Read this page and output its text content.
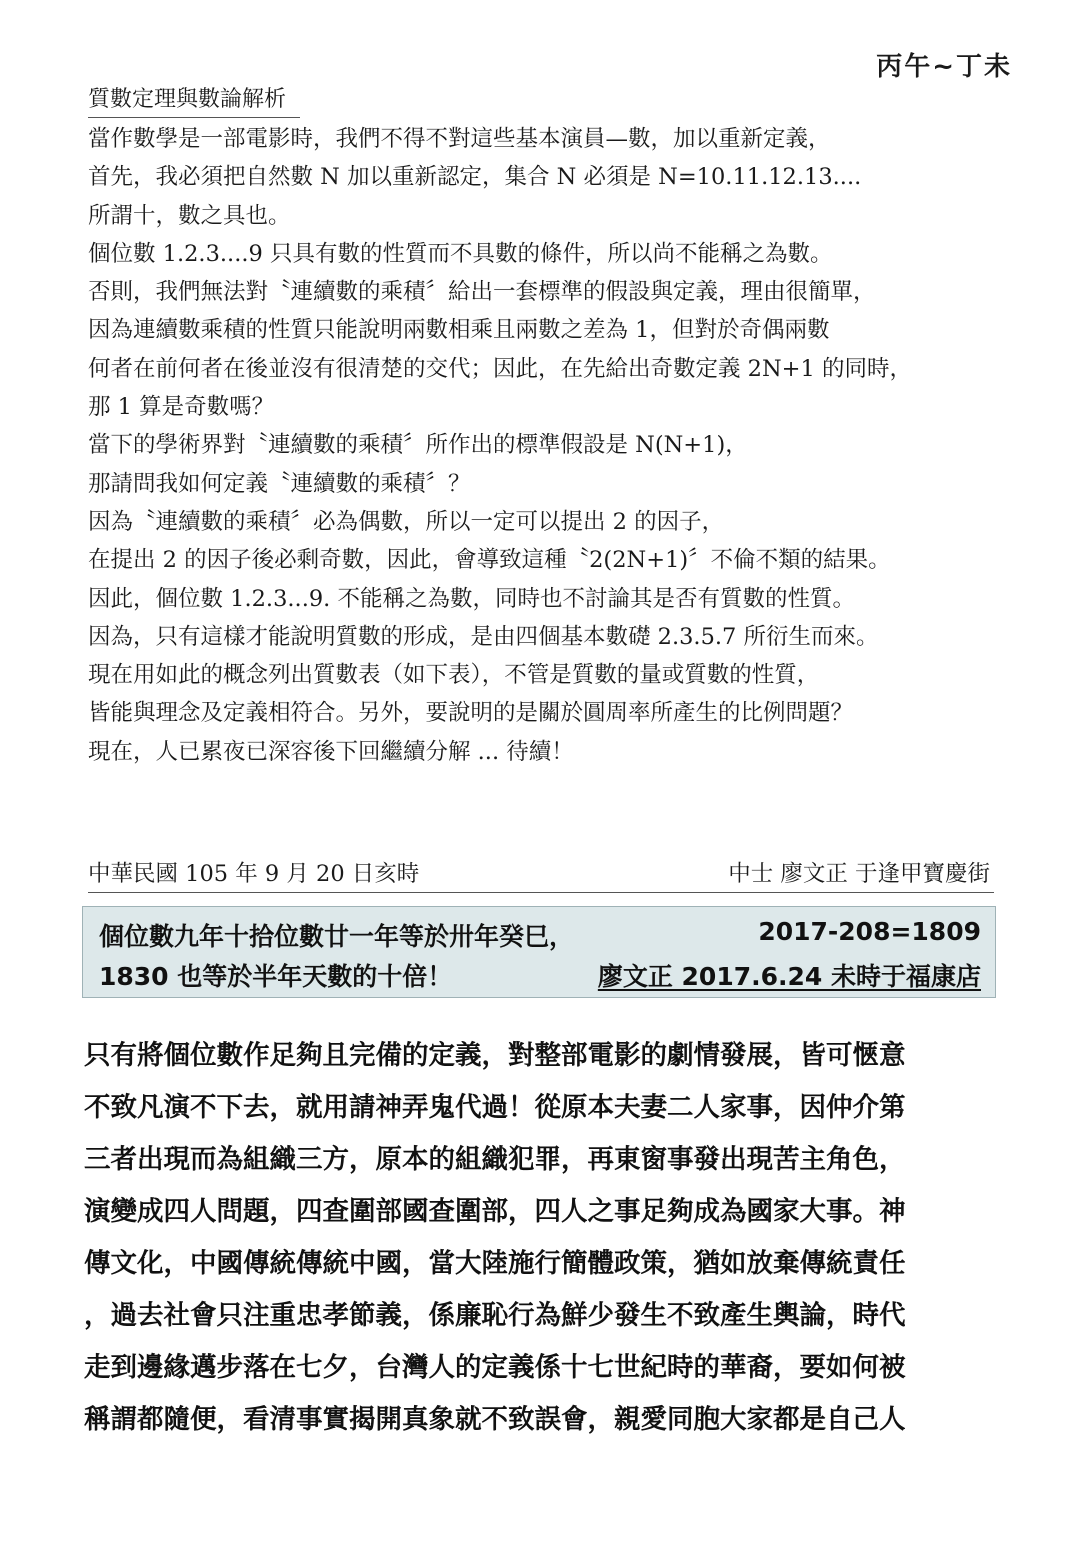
丙午~丁未
質數定理與數論解析
當作數學是一部電影時，我們不得不對這些基本演員—數，加以重新定義，
首先，我必須把自然數 N 加以重新認定，集合 N 必須是 N=10.11.12.13....
所謂十，數之具也。
個位數 1.2.3....9 只具有數的性質而不具數的條件，所以尚不能稱之為數。
否則，我們無法對〝連續數的乘積〞給出一套標準的假設與定義，理由很簡單，
因為連續數乘積的性質只能說明兩數相乘且兩數之差為 1，但對於奇偶兩數
何者在前何者在後並沒有很清楚的交代；因此，在先給出奇數定義 2N+1 的同時，
那 1 算是奇數嗎？
當下的學術界對〝連續數的乘積〞所作出的標準假設是 N(N+1)，
那請問我如何定義〝連續數的乘積〞？
因為〝連續數的乘積〞必為偶數，所以一定可以提出 2 的因子，
在提出 2 的因子後必剩奇數，因此，會導致這種〝2(2N+1)〞不倫不類的結果。
因此，個位數 1.2.3...9. 不能稱之為數，同時也不討論其是否有質數的性質。
因為，只有這樣才能說明質數的形成，是由四個基本數礎 2.3.5.7 所衍生而來。
現在用如此的概念列出質數表（如下表），不管是質數的量或質數的性質，
皆能與理念及定義相符合。另外，要說明的是關於圓周率所產生的比例問題？
現在，人已累夜已深容後下回繼續分解 ... 待續！
中華民國 105 年 9 月 20 日亥時	中士 廖文正 于逢甲寶慶街
個位數九年十拾位數廿一年等於卅年癸巳，	2017-208=1809
1830 也等於半年天數的十倍！	廖文正 2017.6.24 未時于福康店
只有將個位數作足夠且完備的定義，對整部電影的劇情發展，皆可愜意
不致凡演不下去，就用請神弄鬼代過！從原本夫妻二人家事，因仲介第
三者出現而為組織三方，原本的組織犯罪，再東窗事發出現苦主角色，
演變成四人問題，四查圍部國查圍部，四人之事足夠成為國家大事。神
傳文化，中國傳統傳統中國，當大陸施行簡體政策，猶如放棄傳統責任
，過去社會只注重忠孝節義，係廉恥行為鮮少發生不致產生輿論，時代
走到邊緣邁步落在七夕，台灣人的定義係十七世紀時的華裔，要如何被
稱謂都隨便，看清事實揭開真象就不致誤會，親愛同胞大家都是自己人
